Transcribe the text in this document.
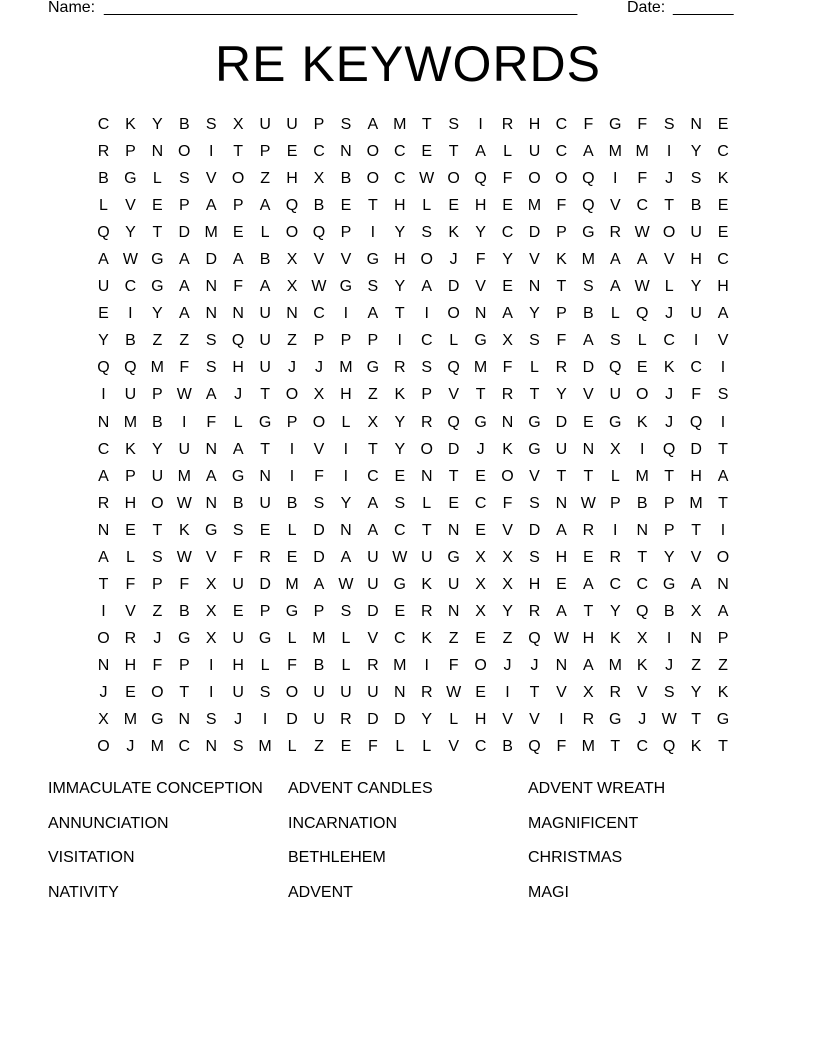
Name: _______________________________________________________	Date: _______
RE KEYWORDS
C K	Y	B	S	X U U P	S	A M T	S	I	R H C	F G F	S N E
R P N O	I	T	P	E C N O C E	T	A	L	U C A M M	I	Y C
B G	L	S	V O Z	H X	B O C W O Q F O O Q	I	F	J	S	K
L	V	E	P	A	P	A Q B	E	T	H	L	E H E M F Q V C	T	B	E
Q Y	T	D M E	L	O Q P	I	Y	S	K	Y C D P G R W O U E
A W G A D A	B	X	V	V G H O	J	F	Y	V	K M A	A	V H C
U C G A N	F	A	X W G S	Y	A D V	E N	T	S	A W L	Y H
E	I	Y	A N N U N C	I	A	T	I	O N A	Y	P	B	L	Q	J	U A
Y	B	Z	Z	S Q U	Z	P	P	P	I	C	L	G X	S	F	A	S	L	C	I	V
Q Q M F	S H U	J	J	M G R S Q M F	L	R D Q E	K C	I
I	U P W A	J	T O X H	Z	K	P	V	T	R	T	Y	V U O	J	F	S
N M B	I	F	L	G P O	L	X	Y R Q G N G D E G K	J	Q	I
C K	Y U N A	T	I	V	I	T	Y O D	J	K G U N X	I	Q D	T
A	P U M A G N	I	F	I	C E N	T	E O V	T	T	L M T	H A
R H O W N B U B	S	Y	A	S	L	E C	F	S N W P	B	P M T
N E	T	K G S	E	L	D N A C	T	N E	V D A R	I	N P	T	I
A	L	S W V	F	R E D A U W U G X	X	S H E R	T	Y	V O
T	F	P	F	X U D M A W U G K U X	X H E	A C C G A N
I	V	Z	B	X	E	P G P	S D E R N X	Y R A	T	Y Q B	X	A
O R	J	G X U G	L M L	V C K	Z	E	Z Q W H K	X	I	N P
N H	F	P	I	H	L	F	B	L	R M	I	F O	J	J	N A M K	J	Z	Z
J	E O T	I	U S O U U U N R W E	I	T	V	X R V	S	Y	K
X M G N S	J	I	D U R D D Y	L	H V	V	I	R G	J W T G
O	J	M C N S M L	Z	E	F	L	L	V C B Q F M T	C Q K	T
IMMACULATE CONCEPTION	ADVENT CANDLES	ADVENT WREATH
ANNUNCIATION	INCARNATION	MAGNIFICENT
VISITATION	BETHLEHEM	CHRISTMAS
NATIVITY	ADVENT	MAGI
